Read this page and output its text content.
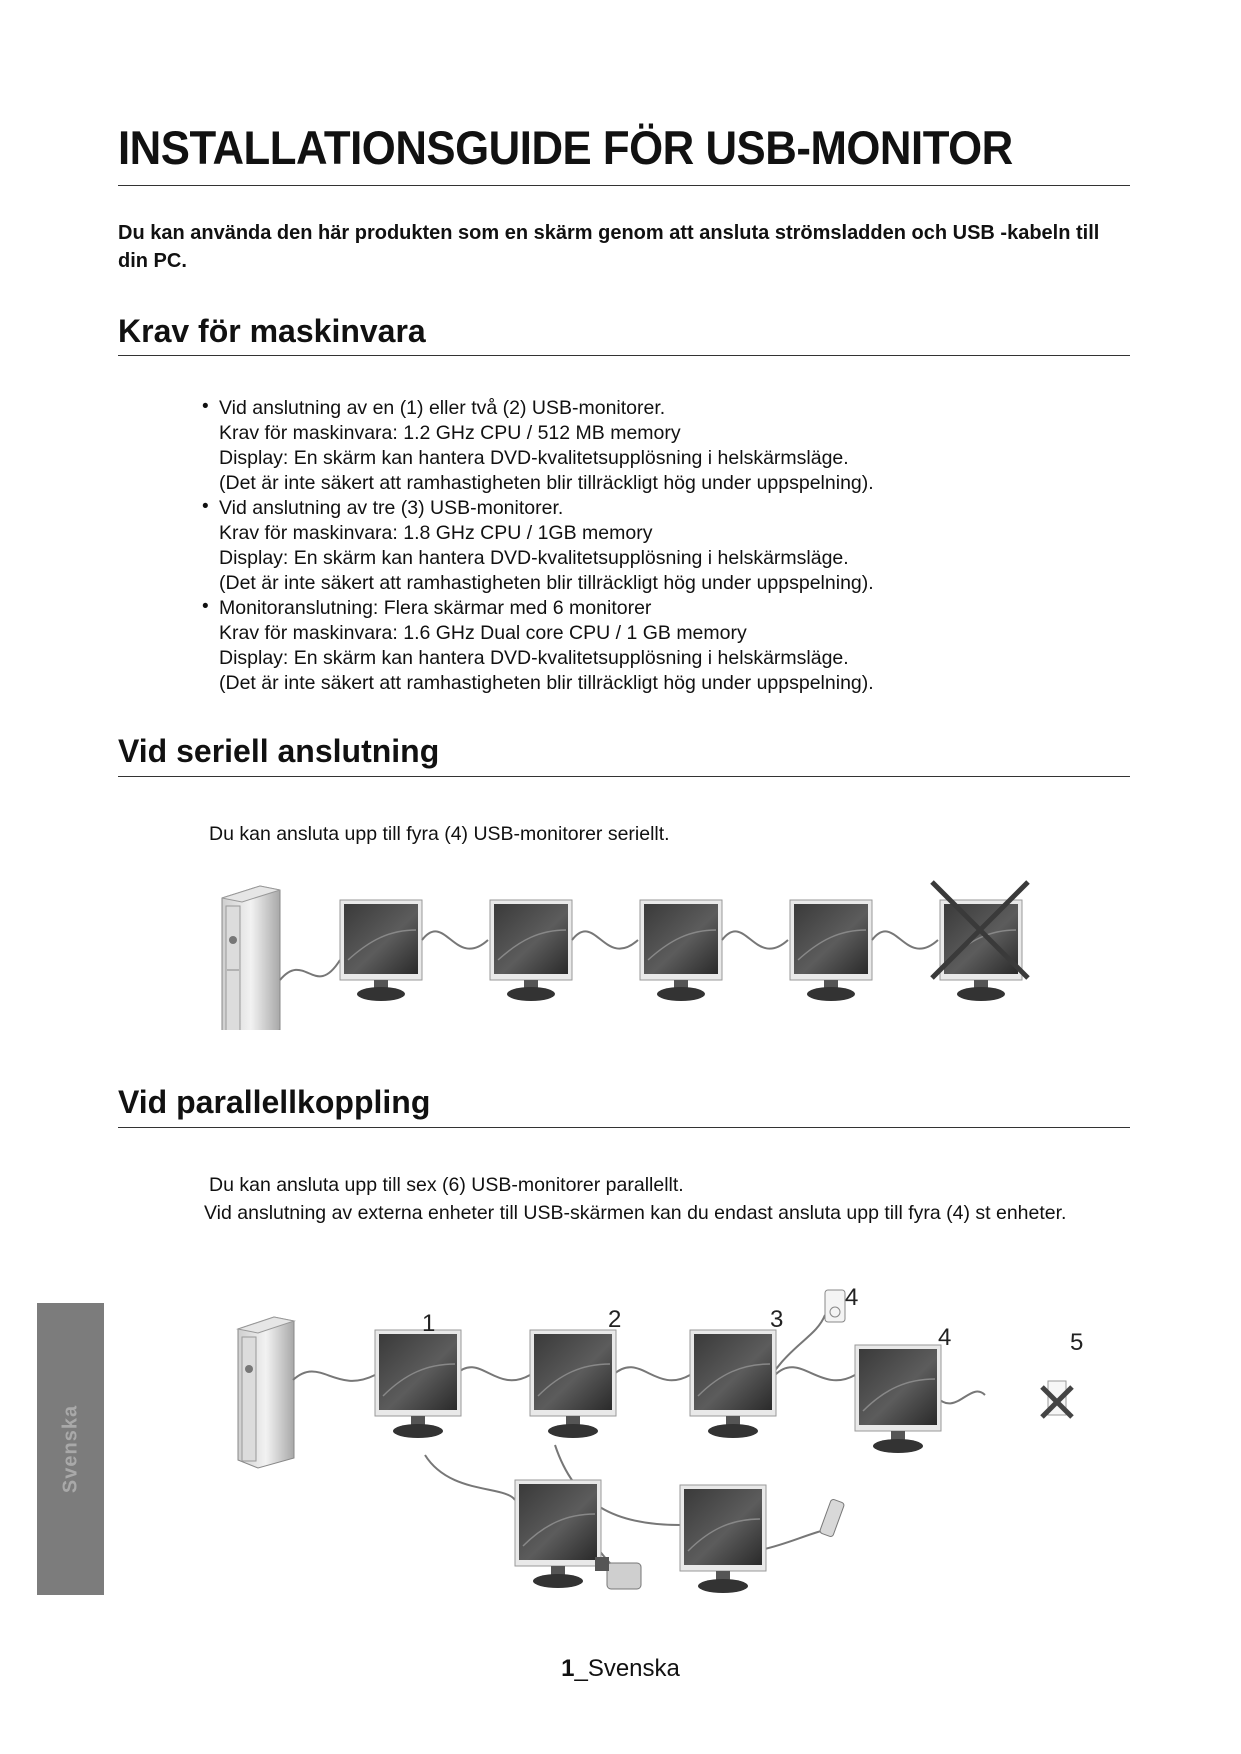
INSTALLATIONSGUIDE FÖR USB-MONITOR

Du kan använda den här produkten som en skärm genom att ansluta strömsladden och USB -kabeln till din PC.

Krav för maskinvara
• Vid anslutning av en (1) eller två (2) USB-monitorer.
Krav för maskinvara: 1.2 GHz CPU / 512 MB memory
Display: En skärm kan hantera DVD-kvalitetsupplösning i helskärmsläge.
(Det är inte säkert att ramhastigheten blir tillräckligt hög under uppspelning).
• Vid anslutning av tre (3) USB-monitorer.
Krav för maskinvara: 1.8 GHz CPU / 1GB memory
Display: En skärm kan hantera DVD-kvalitetsupplösning i helskärmsläge.
(Det är inte säkert att ramhastigheten blir tillräckligt hög under uppspelning).
• Monitoranslutning: Flera skärmar med 6 monitorer
Krav för maskinvara: 1.6 GHz Dual core CPU / 1 GB memory
Display: En skärm kan hantera DVD-kvalitetsupplösning i helskärmsläge.
(Det är inte säkert att ramhastigheten blir tillräckligt hög under uppspelning).
Vid seriell anslutning

Du kan ansluta upp till fyra (4) USB-monitorer seriellt.

Vid parallellkoppling

Du kan ansluta upp till sex (6) USB-monitorer parallellt.

Vid anslutning av externa enheter till USB-skärmen kan du endast ansluta upp till fyra (4) st enheter.

1	2	3
4
4	5
Svenska
1_Svenska
